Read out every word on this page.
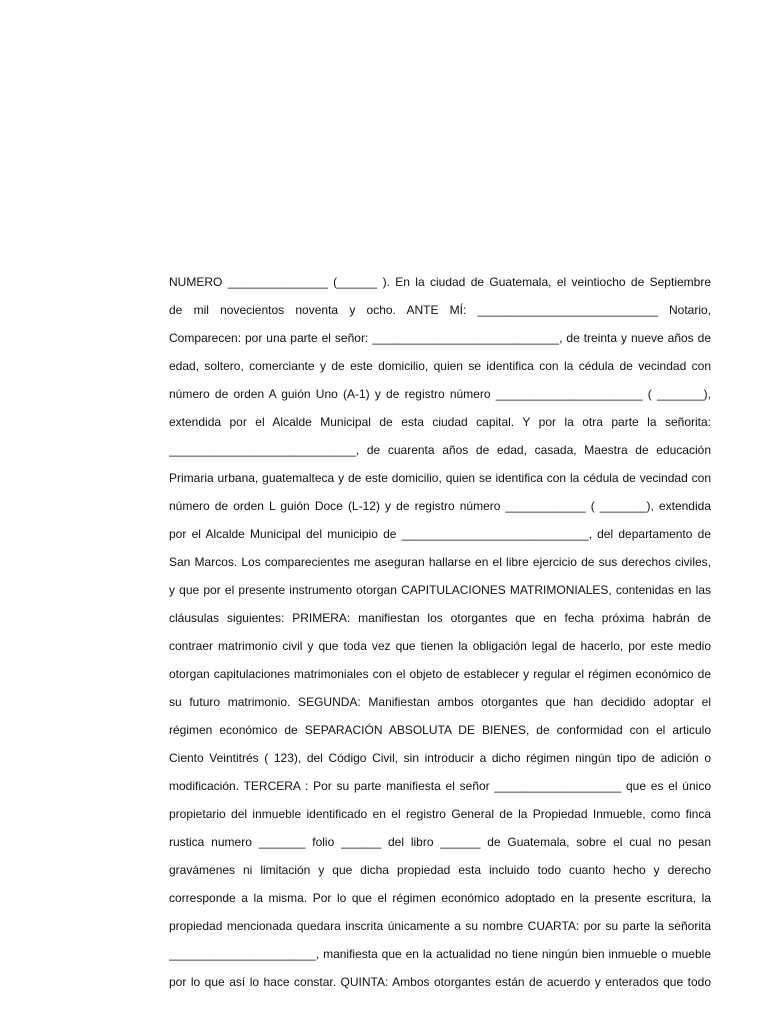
NUMERO _______________ (______ ). En la ciudad de Guatemala, el veintiocho de Septiembre
de mil novecientos noventa y ocho. ANTE MÍ: ___________________________ Notario,
Comparecen: por una parte el señor: ____________________________, de treinta y nueve años de
edad, soltero, comerciante y de este domicilio, quien se identifica con la cédula de vecindad con
número de orden A guión Uno (A-1) y de registro número ______________________ ( _______),
extendida por el Alcalde Municipal de esta ciudad capital. Y por la otra parte la señorita:
____________________________, de cuarenta años de edad, casada, Maestra de educación
Primaria urbana, guatemalteca y de este domicilio, quien se identifica con la cédula de vecindad con
número de orden L guión Doce (L-12) y de registro número ____________ ( _______), extendida
por el Alcalde Municipal del municipio de ____________________________, del departamento de
San Marcos. Los comparecientes me aseguran hallarse en el libre ejercicio de sus derechos civiles,
y que por el presente instrumento otorgan CAPITULACIONES MATRIMONIALES, contenidas en las
cláusulas siguientes: PRIMERA: manifiestan los otorgantes que en fecha próxima habrán de
contraer matrimonio civil y que toda vez que tienen la obligación legal de hacerlo, por este medio
otorgan capitulaciones matrimoniales con el objeto de establecer y regular el régimen económico de
su futuro matrimonio. SEGUNDA: Manifiestan ambos otorgantes que han decidido adoptar el
régimen económico de SEPARACIÓN ABSOLUTA DE BIENES, de conformidad con el articulo
Ciento Veintitrés ( 123), del Código Civil, sin introducir a dicho régimen ningún tipo de adición o
modificación. TERCERA : Por su parte manifiesta el señor ___________________ que es el único
propietario del inmueble identificado en el registro General de la Propiedad Inmueble, como finca
rustica numero _______ folio ______ del libro ______ de Guatemala, sobre el cual no pesan
gravámenes ni limitación y que dicha propiedad esta incluido todo cuanto hecho y derecho
corresponde a la misma. Por lo que el régimen económico adoptado en la presente escritura, la
propiedad mencionada quedara inscrita únicamente a su nombre CUARTA: por su parte la señorita
______________________, manifiesta que en la actualidad no tiene ningún bien inmueble o mueble
por lo que así lo hace constar. QUINTA: Ambos otorgantes están de acuerdo y enterados que todo
